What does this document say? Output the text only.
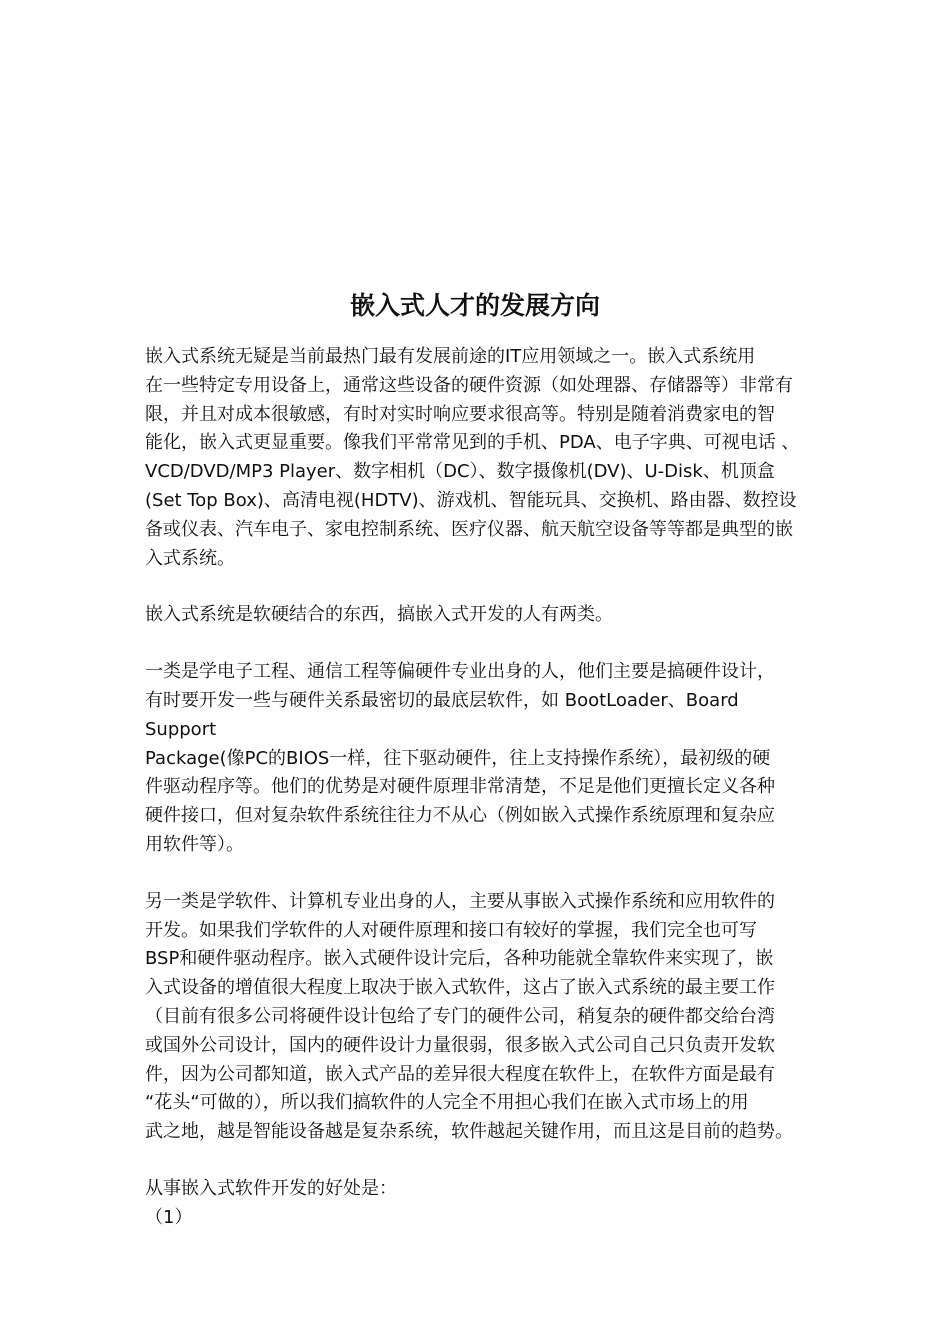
嵌入式人才的发展方向

嵌入式系统无疑是当前最热门最有发展前途的IT应用领域之一。嵌入式系统用
在一些特定专用设备上，通常这些设备的硬件资源（如处理器、存储器等）非常有
限，并且对成本很敏感，有时对实时响应要求很高等。特别是随着消费家电的智
能化，嵌入式更显重要。像我们平常常见到的手机、PDA、电子字典、可视电话 、
VCD/DVD/MP3 Player、数字相机（DC）、数字摄像机(DV)、U-Disk、机顶盒
(Set Top Box)、高清电视(HDTV)、游戏机、智能玩具、交换机、路由器、数控设
备或仪表、汽车电子、家电控制系统、医疗仪器、航天航空设备等等都是典型的嵌
入式系统。

嵌入式系统是软硬结合的东西，搞嵌入式开发的人有两类。

一类是学电子工程、通信工程等偏硬件专业出身的人，他们主要是搞硬件设计，
有时要开发一些与硬件关系最密切的最底层软件，如 BootLoader、Board
Support
Package(像PC的BIOS一样，往下驱动硬件，往上支持操作系统），最初级的硬
件驱动程序等。他们的优势是对硬件原理非常清楚，不足是他们更擅长定义各种
硬件接口，但对复杂软件系统往往力不从心（例如嵌入式操作系统原理和复杂应
用软件等）。

另一类是学软件、计算机专业出身的人，主要从事嵌入式操作系统和应用软件的
开发。如果我们学软件的人对硬件原理和接口有较好的掌握，我们完全也可写
BSP和硬件驱动程序。嵌入式硬件设计完后，各种功能就全靠软件来实现了，嵌
入式设备的增值很大程度上取决于嵌入式软件，这占了嵌入式系统的最主要工作
（目前有很多公司将硬件设计包给了专门的硬件公司，稍复杂的硬件都交给台湾
或国外公司设计，国内的硬件设计力量很弱，很多嵌入式公司自己只负责开发软
件，因为公司都知道，嵌入式产品的差异很大程度在软件上，在软件方面是最有
“花头“可做的），所以我们搞软件的人完全不用担心我们在嵌入式市场上的用
武之地，越是智能设备越是复杂系统，软件越起关键作用，而且这是目前的趋势。

从事嵌入式软件开发的好处是：
（1）
